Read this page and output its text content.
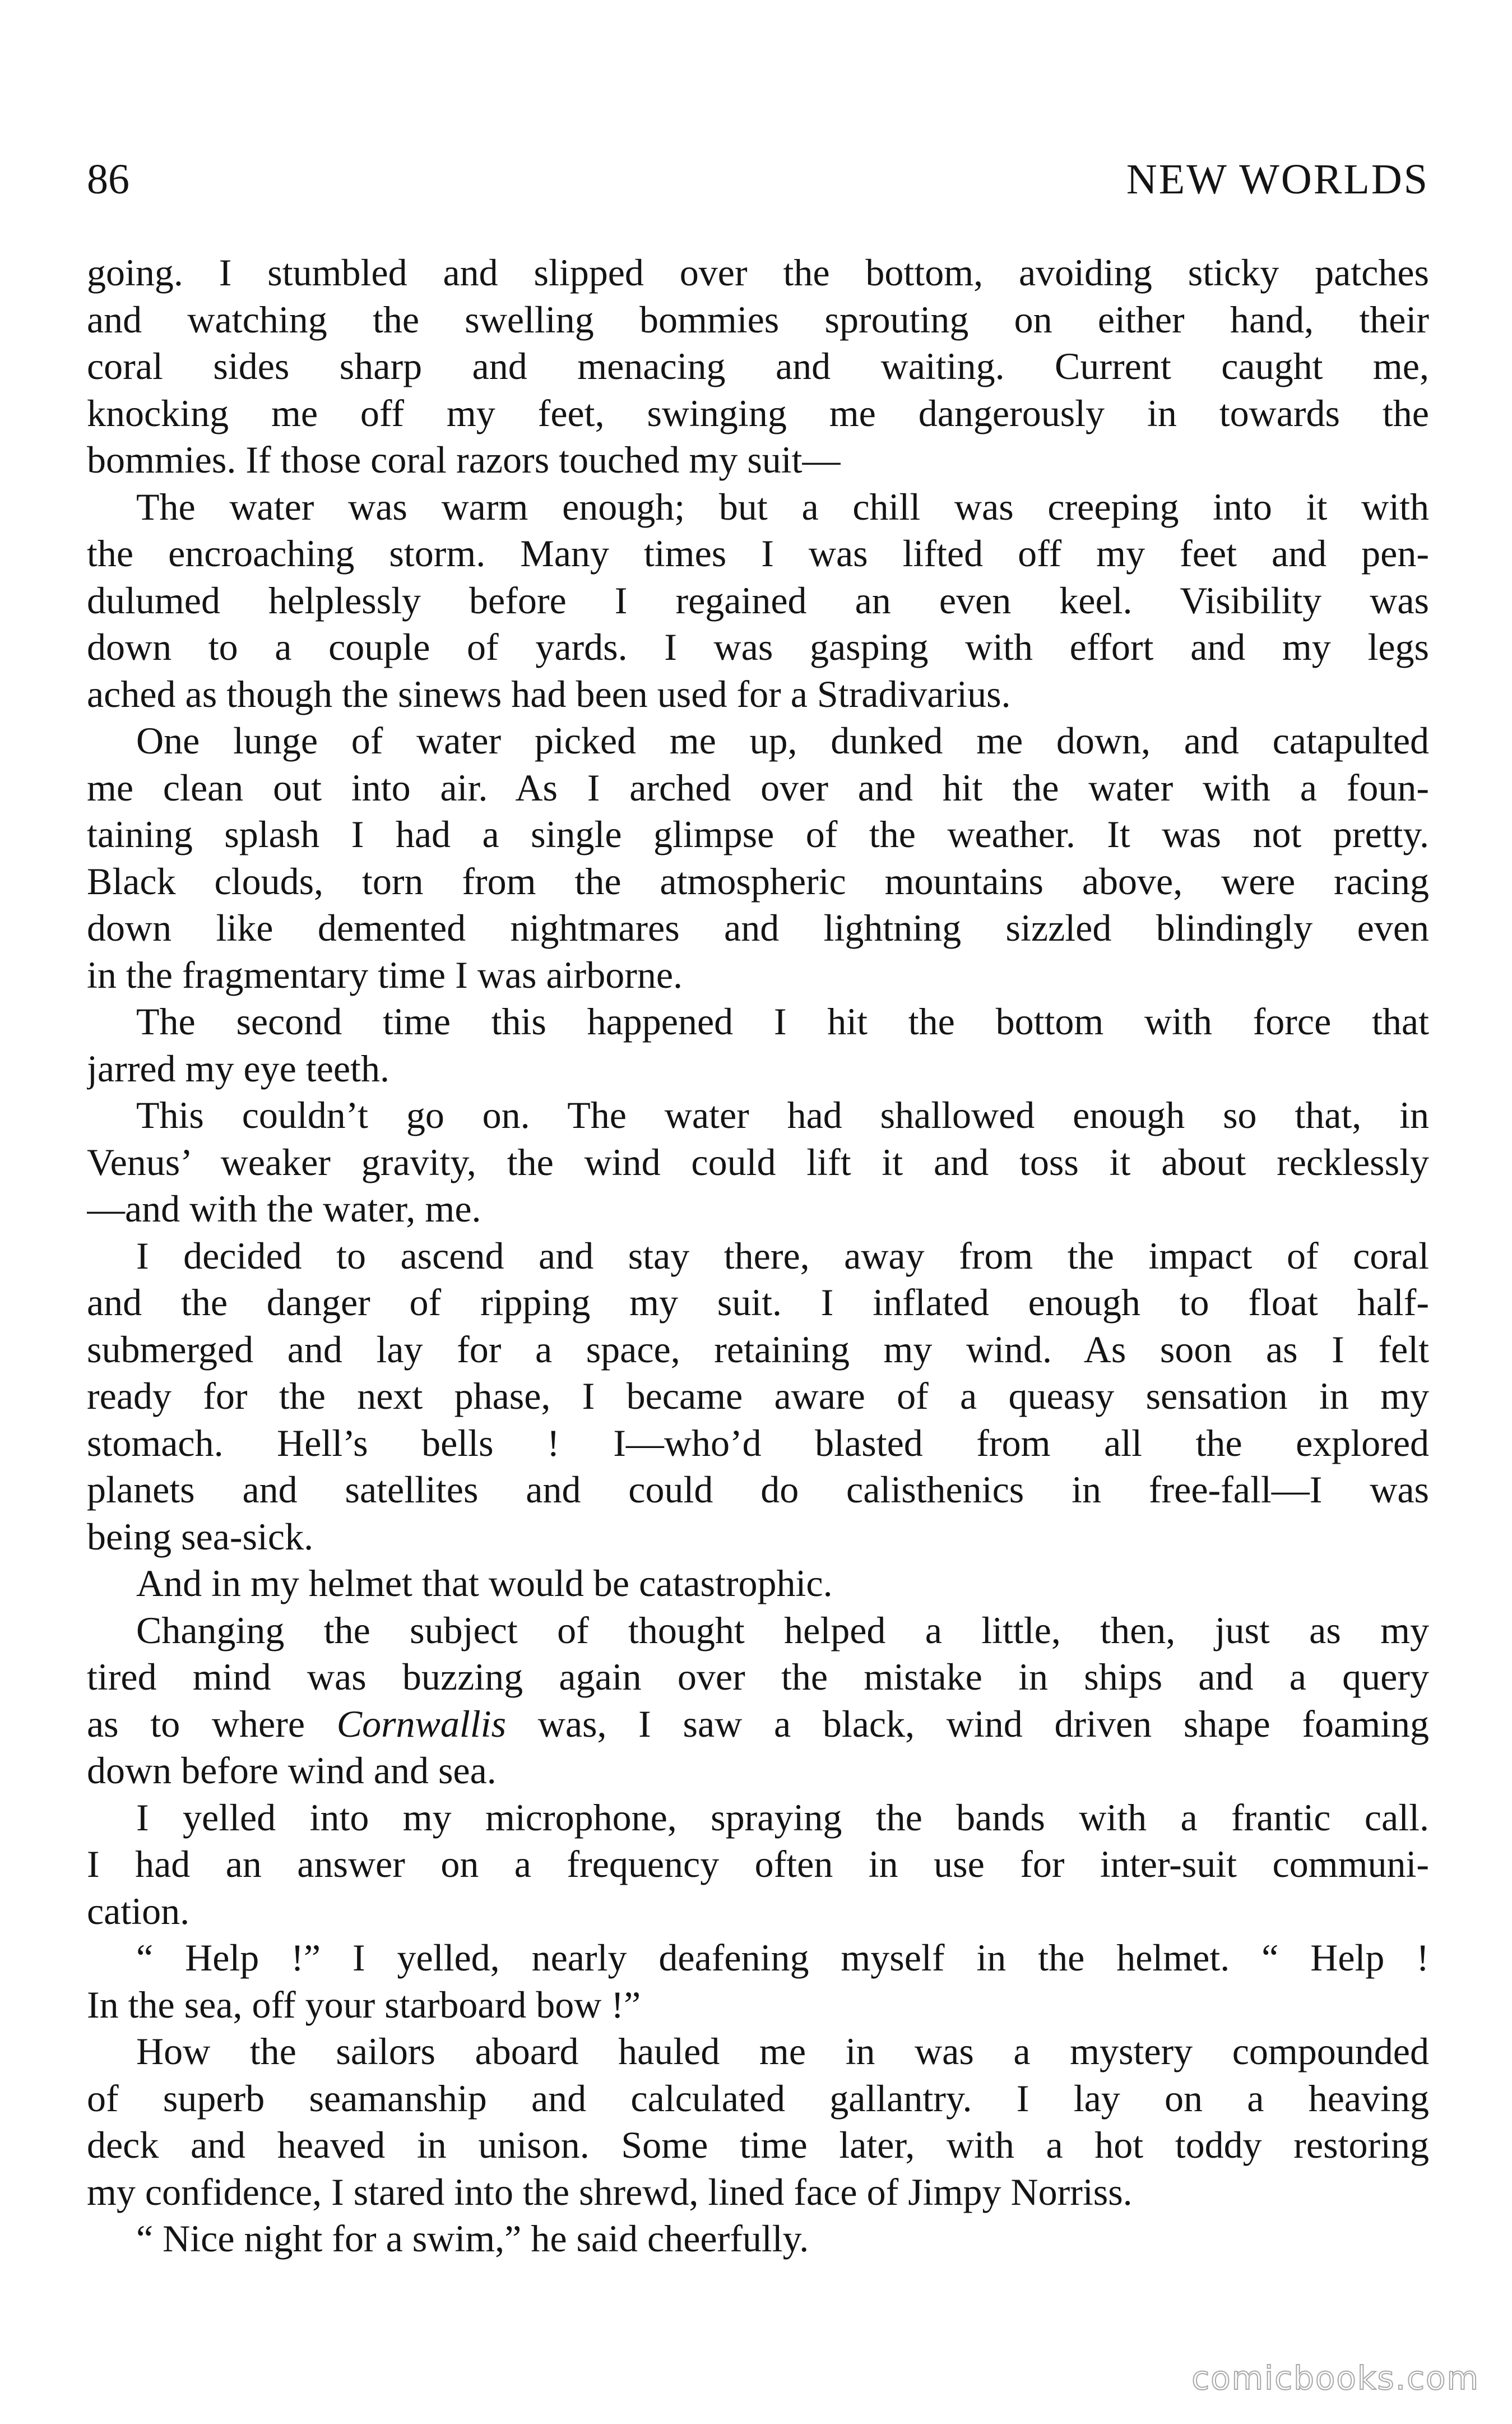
86	NEW WORLDS
going. I stumbled and slipped over the bottom, avoiding sticky patches
and watching the swelling bommies sprouting on either hand, their
coral sides sharp and menacing and waiting. Current caught me,
knocking me off my feet, swinging me dangerously in towards the
bommies. If those coral razors touched my suit—
The water was warm enough; but a chill was creeping into it with
the encroaching storm. Many times I was lifted off my feet and pen-
dulumed helplessly before I regained an even keel. Visibility was
down to a couple of yards. I was gasping with effort and my legs
ached as though the sinews had been used for a Stradivarius.
One lunge of water picked me up, dunked me down, and catapulted
me clean out into air. As I arched over and hit the water with a foun-
taining splash I had a single glimpse of the weather. It was not pretty.
Black clouds, torn from the atmospheric mountains above, were racing
down like demented nightmares and lightning sizzled blindingly even
in the fragmentary time I was airborne.
The second time this happened I hit the bottom with force that
jarred my eye teeth.
This couldn’t go on. The water had shallowed enough so that, in
Venus’ weaker gravity, the wind could lift it and toss it about recklessly
—and with the water, me.
I decided to ascend and stay there, away from the impact of coral
and the danger of ripping my suit. I inflated enough to float half-
submerged and lay for a space, retaining my wind. As soon as I felt
ready for the next phase, I became aware of a queasy sensation in my
stomach. Hell’s bells ! I—who’d blasted from all the explored
planets and satellites and could do calisthenics in free-fall—I was
being sea-sick.
And in my helmet that would be catastrophic.
Changing the subject of thought helped a little, then, just as my
tired mind was buzzing again over the mistake in ships and a query
as to where Cornwallis was, I saw a black, wind driven shape foaming
down before wind and sea.
I yelled into my microphone, spraying the bands with a frantic call.
I had an answer on a frequency often in use for inter-suit communi-
cation.
“ Help !” I yelled, nearly deafening myself in the helmet. “ Help !
In the sea, off your starboard bow !”
How the sailors aboard hauled me in was a mystery compounded
of superb seamanship and calculated gallantry. I lay on a heaving
deck and heaved in unison. Some time later, with a hot toddy restoring
my confidence, I stared into the shrewd, lined face of Jimpy Norriss.
“ Nice night for a swim,” he said cheerfully.
comicbooks.com
